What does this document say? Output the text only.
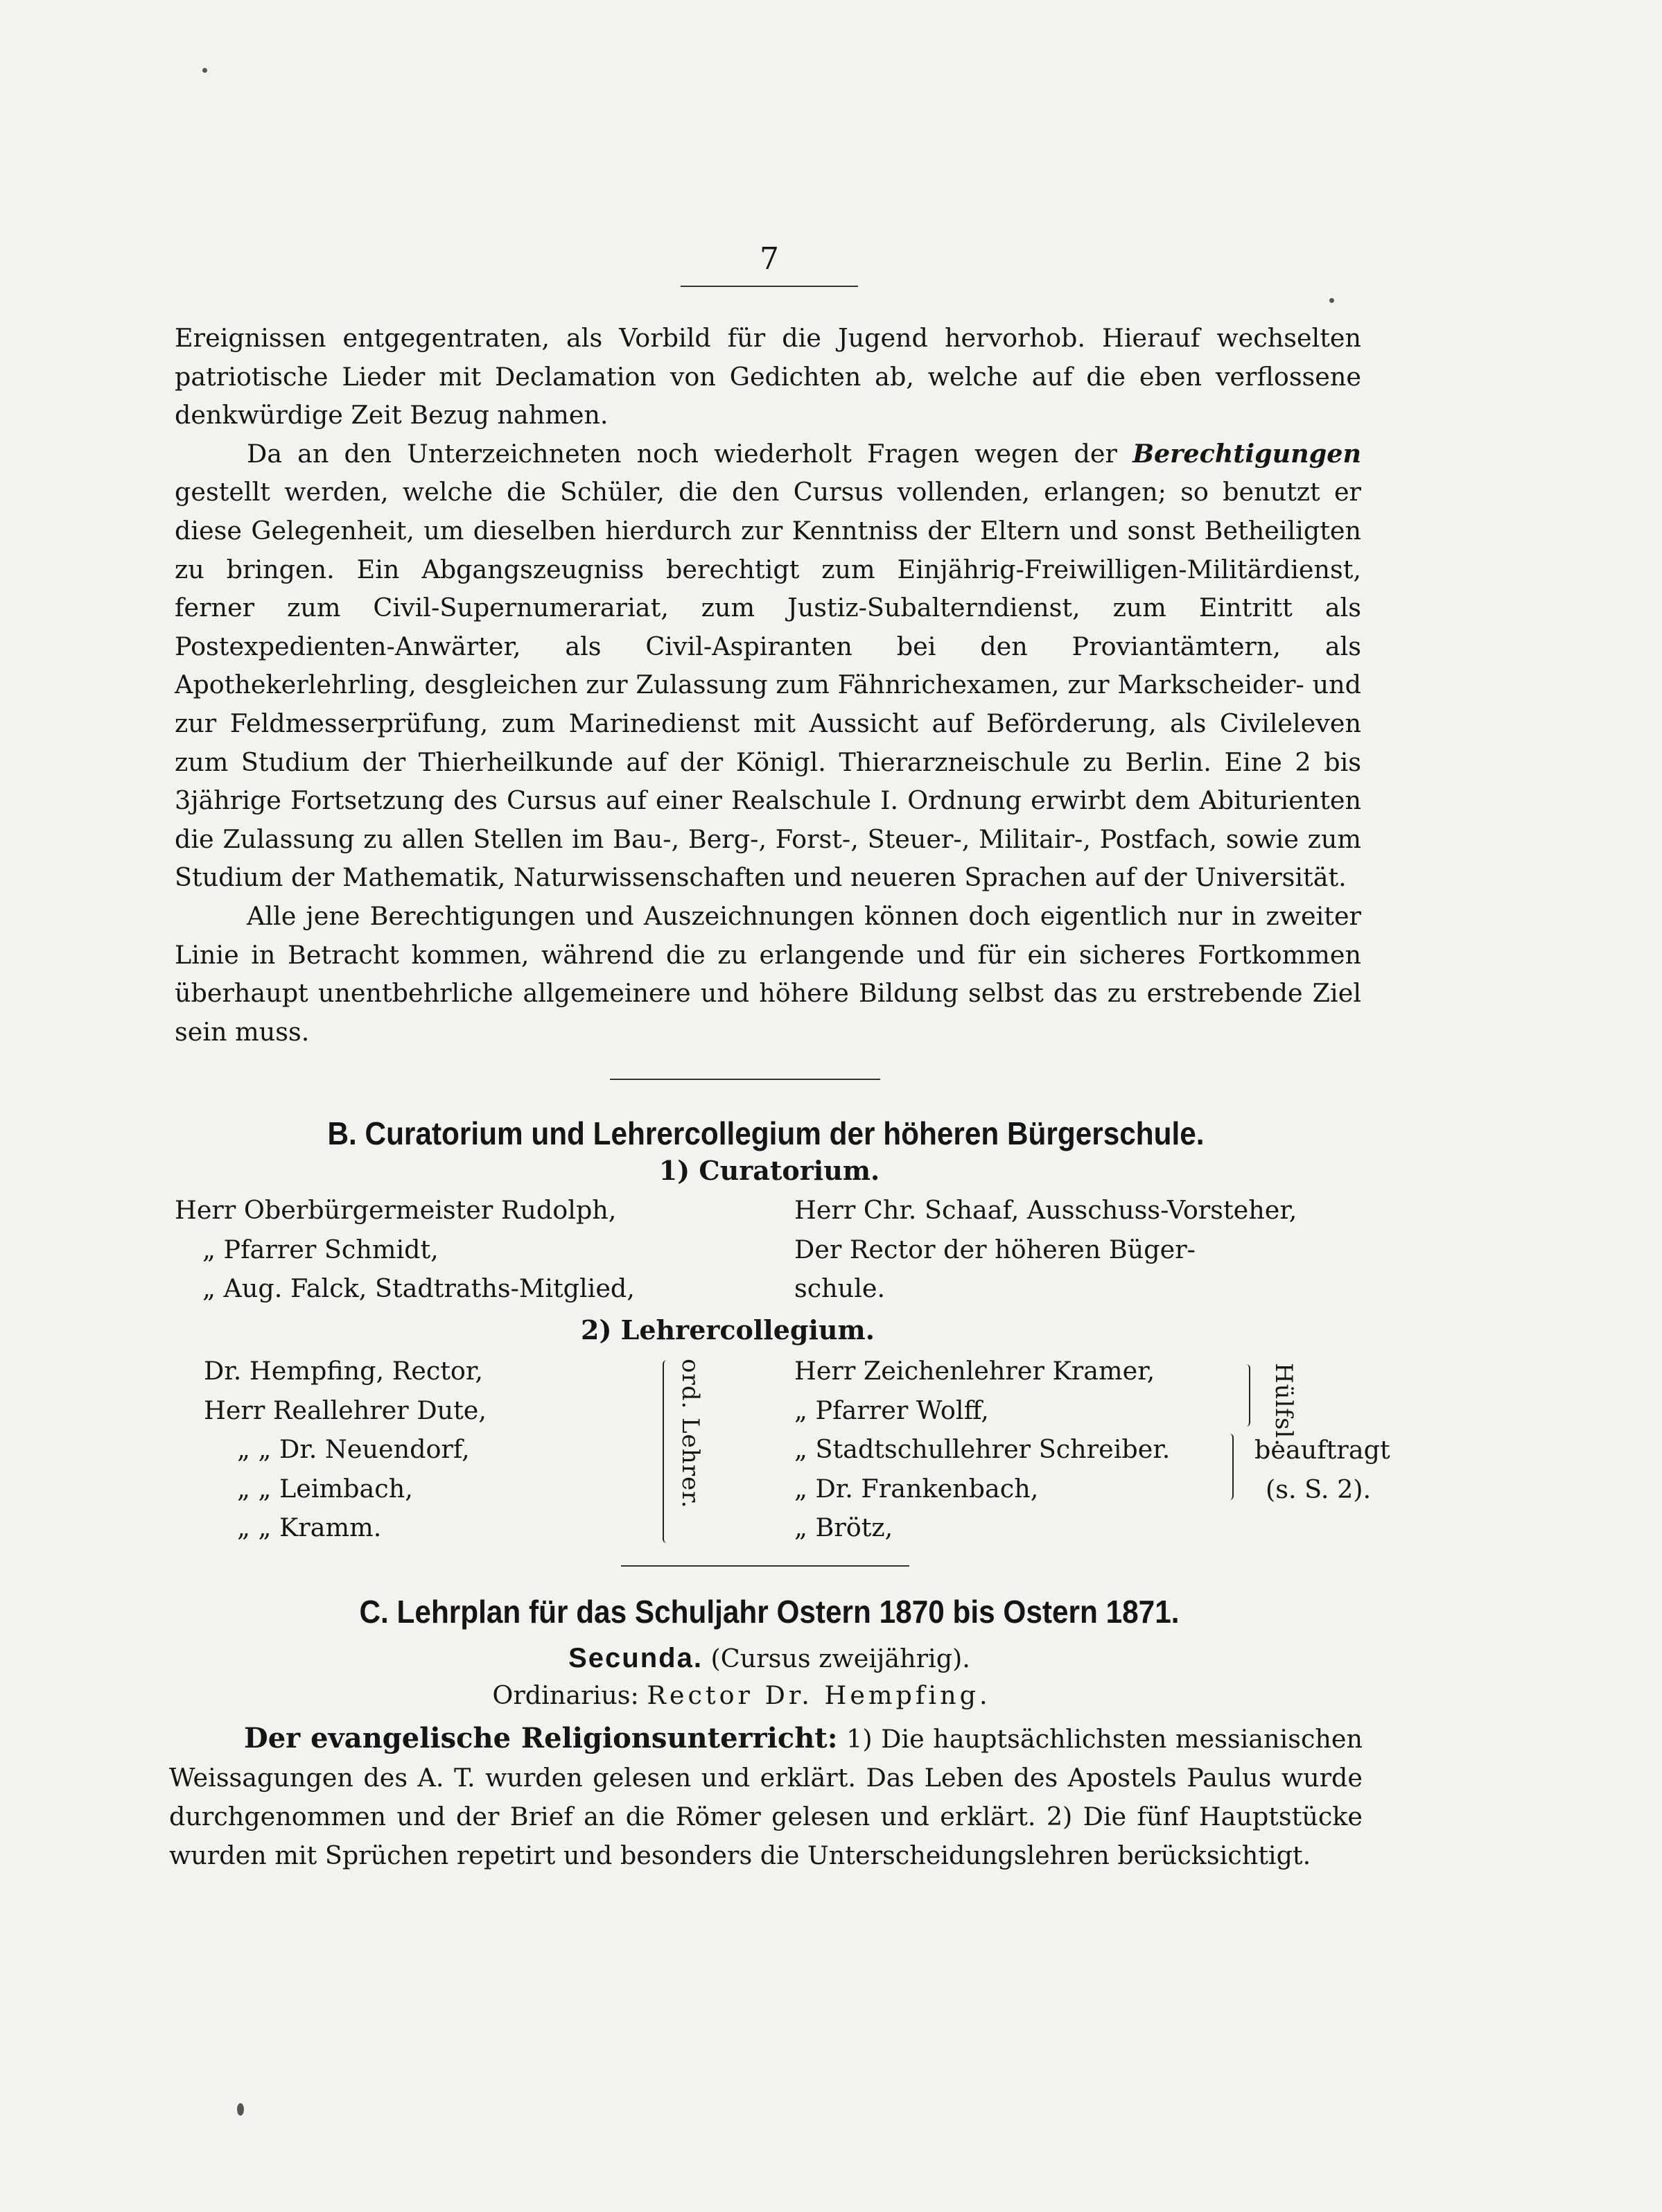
7

Ereignissen entgegentraten, als Vorbild für die Jugend hervorhob. Hierauf wechselten patriotische Lieder mit Declamation von Gedichten ab, welche auf die eben verflossene denkwürdige Zeit Bezug nahmen.

Da an den Unterzeichneten noch wiederholt Fragen wegen der Berechtigungen gestellt werden, welche die Schüler, die den Cursus vollenden, erlangen; so benutzt er diese Gelegenheit, um dieselben hierdurch zur Kenntniss der Eltern und sonst Betheiligten zu bringen. Ein Abgangszeugniss berechtigt zum Einjährig-Freiwilligen-Militärdienst, ferner zum Civil-Supernumerariat, zum Justiz-Subalterndienst, zum Eintritt als Postexpedienten-Anwärter, als Civil-Aspiranten bei den Proviantämtern, als Apothekerlehrling, desgleichen zur Zulassung zum Fähnrichexamen, zur Markscheider- und zur Feldmesserprüfung, zum Marinedienst mit Aussicht auf Beförderung, als Civileleven zum Studium der Thierheilkunde auf der Königl. Thierarzneischule zu Berlin. Eine 2 bis 3jährige Fortsetzung des Cursus auf einer Realschule I. Ordnung erwirbt dem Abiturienten die Zulassung zu allen Stellen im Bau-, Berg-, Forst-, Steuer-, Militair-, Postfach, sowie zum Studium der Mathematik, Naturwissenschaften und neueren Sprachen auf der Universität.

Alle jene Berechtigungen und Auszeichnungen können doch eigentlich nur in zweiter Linie in Betracht kommen, während die zu erlangende und für ein sicheres Fortkommen überhaupt unentbehrliche allgemeinere und höhere Bildung selbst das zu erstrebende Ziel sein muss.

B. Curatorium und Lehrercollegium der höheren Bürgerschule.
1) Curatorium.
Herr Oberbürgermeister Rudolph,
„ Pfarrer Schmidt,
„ Aug. Falck, Stadtraths-Mitglied,
Herr Chr. Schaaf, Ausschuss-Vorsteher,
Der Rector der höheren Büger-
schule.
2) Lehrercollegium.
Dr. Hempfing, Rector,
Herr Reallehrer Dute,
„ „ Dr. Neuendorf,
„ „ Leimbach,
„ „ Kramm.
ord. Lehrer.	Herr Zeichenlehrer Kramer,
„ Pfarrer Wolff,
„ Stadtschullehrer Schreiber.
„ Dr. Frankenbach,
„ Brötz,
Hülfsl.
beauftragt
(s. S. 2).
C. Lehrplan für das Schuljahr Ostern 1870 bis Ostern 1871.
Secunda. (Cursus zweijährig).
Ordinarius: Rector Dr. Hempfing.
Der evangelische Religionsunterricht: 1) Die hauptsächlichsten messianischen Weissagungen des A. T. wurden gelesen und erklärt. Das Leben des Apostels Paulus wurde durchgenommen und der Brief an die Römer gelesen und erklärt. 2) Die fünf Hauptstücke wurden mit Sprüchen repetirt und besonders die Unterscheidungslehren berücksichtigt.
